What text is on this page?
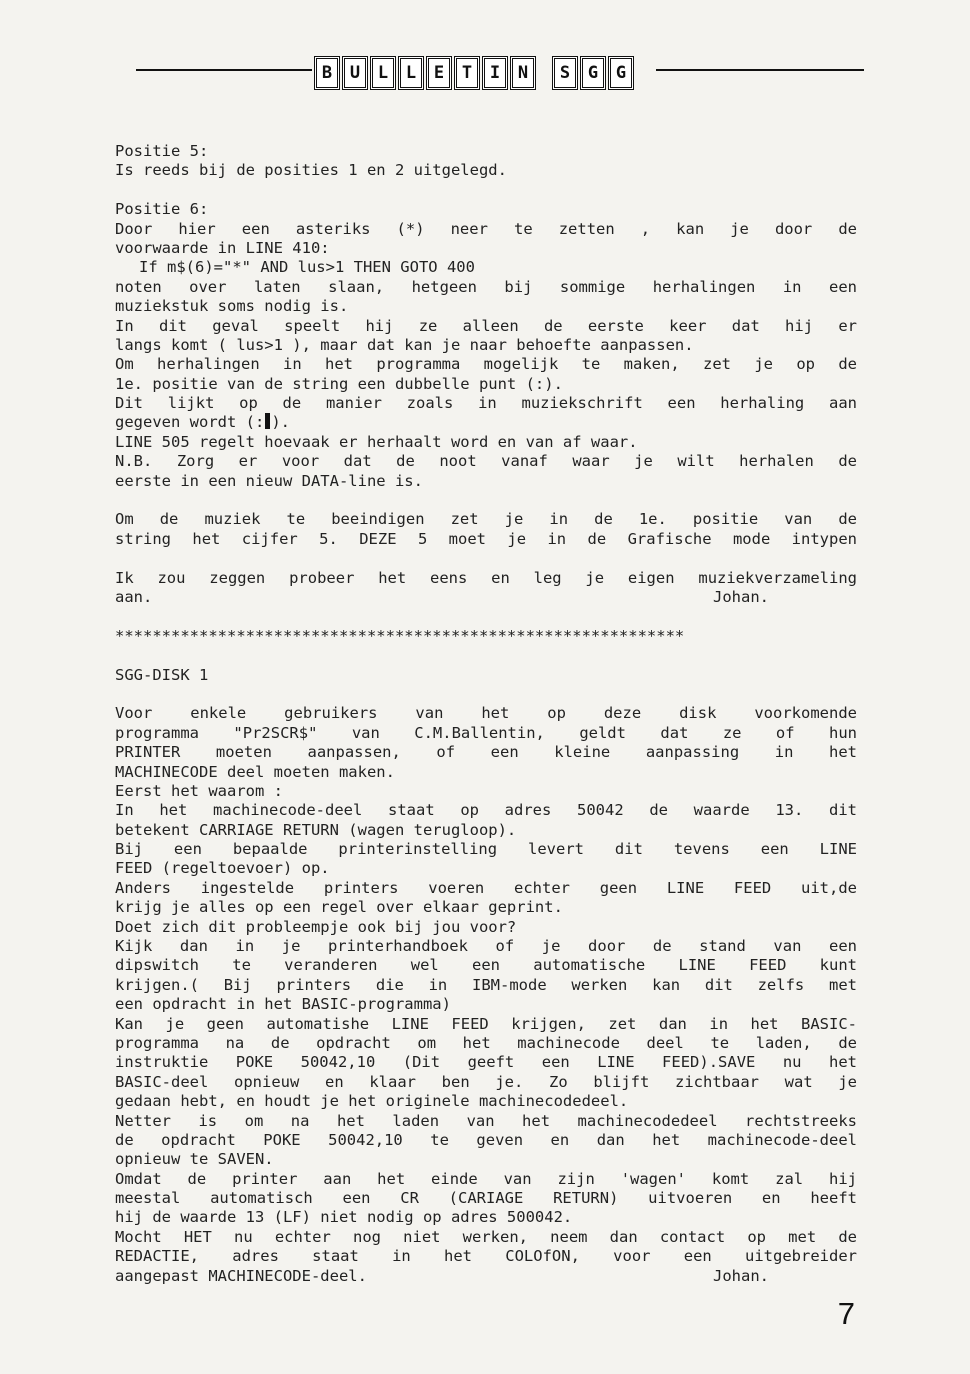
B	U	L	L	E	T	I	N	S	G	G
Positie 5:
Is reeds bij de posities 1 en 2 uitgelegd.
Positie 6:
Door hier een asteriks (*) neer te zetten , kan je door de
voorwaarde in LINE 410:
If m$(6)="*" AND lus>1 THEN GOTO 400
noten over laten slaan, hetgeen bij sommige herhalingen in een
muziekstuk soms nodig is.
In dit geval speelt hij ze alleen de eerste keer dat hij er
langs komt ( lus>1 ), maar dat kan je naar behoefte aanpassen.
Om herhalingen in het programma mogelijk te maken, zet je op de
1e. positie van de string een dubbelle punt (:).
Dit lijkt op de manier zoals in muziekschrift een herhaling aan
gegeven wordt (: ).
LINE 505 regelt hoevaak er herhaalt word en van af waar.
N.B. Zorg er voor dat de noot vanaf waar je wilt herhalen de
eerste in een nieuw DATA-line is.
Om de muziek te beeindigen zet je in de 1e. positie van de
string het cijfer 5. DEZE 5 moet je in de Grafische mode intypen
Ik zou zeggen probeer het eens en leg je eigen muziekverzameling
aan.	Johan.
*************************************************************
SGG-DISK 1
Voor enkele gebruikers van het op deze disk voorkomende
programma "Pr2SCR$" van C.M.Ballentin, geldt dat ze of hun
PRINTER moeten aanpassen, of een kleine aanpassing in het
MACHINECODE deel moeten maken.
Eerst het waarom :
In het machinecode-deel staat op adres 50042 de waarde 13. dit
betekent CARRIAGE RETURN (wagen terugloop).
Bij een bepaalde printerinstelling levert dit tevens een LINE
FEED (regeltoevoer) op.
Anders ingestelde printers voeren echter geen LINE FEED uit,de
krijg je alles op een regel over elkaar geprint.
Doet zich dit probleempje ook bij jou voor?
Kijk dan in je printerhandboek of je door de stand van een
dipswitch te veranderen wel een automatische LINE FEED kunt
krijgen.( Bij printers die in IBM-mode werken kan dit zelfs met
een opdracht in het BASIC-programma)
Kan je geen automatishe LINE FEED krijgen, zet dan in het BASIC-
programma na de opdracht om het machinecode deel te laden, de
instruktie POKE 50042,10 (Dit geeft een LINE FEED).SAVE nu het
BASIC-deel opnieuw en klaar ben je. Zo blijft zichtbaar wat je
gedaan hebt, en houdt je het originele machinecodedeel.
Netter is om na het laden van het machinecodedeel rechtstreeks
de opdracht POKE 50042,10 te geven en dan het machinecode-deel
opnieuw te SAVEN.
Omdat de printer aan het einde van zijn 'wagen' komt zal hij
meestal automatisch een CR (CARIAGE RETURN) uitvoeren en heeft
hij de waarde 13 (LF) niet nodig op adres 500042.
Mocht HET nu echter nog niet werken, neem dan contact op met de
REDACTIE, adres staat in het COLOfON, voor een uitgebreider
aangepast MACHINECODE-deel.	Johan.
7
